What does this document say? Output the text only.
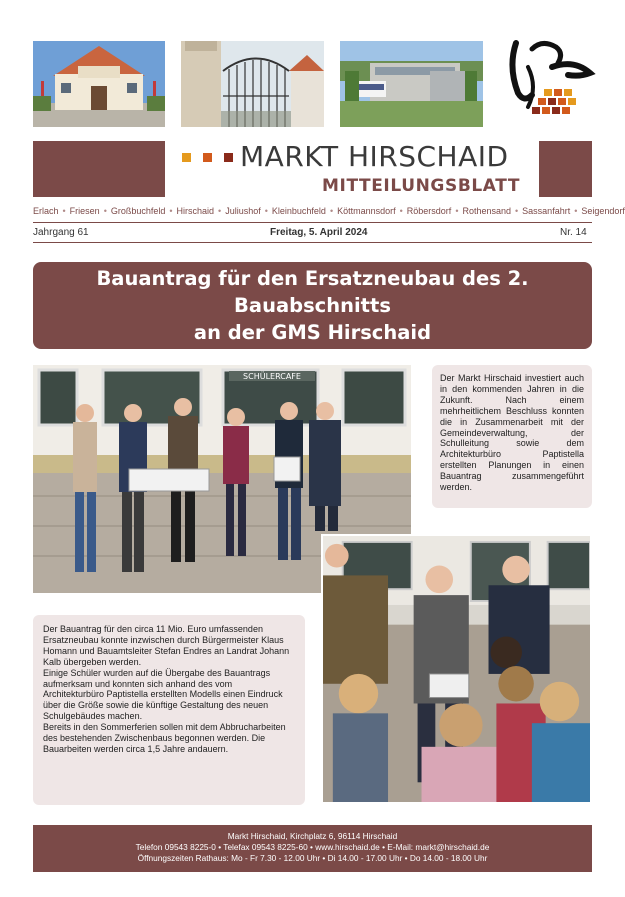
MARKT HIRSCHAID
MITTEILUNGSBLATT
Erlach • Friesen • Großbuchfeld • Hirschaid • Juliushof • Kleinbuchfeld • Köttmannsdorf • Röbersdorf • Rothensand • Sassanfahrt • Seigendorf
Jahrgang 61	Freitag, 5. April 2024	Nr. 14
Bauantrag für den Ersatzneubau des 2. Bauabschnitts
an der GMS Hirschaid
SCHÜLERCAFE	Der Markt Hirschaid investiert auch in den kommenden Jahren in die Zukunft. Nach einem mehrheitlichem Beschluss konnten die in Zusammenarbeit mit der Gemeindeverwaltung, der Schulleitung sowie dem Architekturbüro Paptistella erstellten Planungen in einen Bauantrag zusammengeführt werden.
Der Bauantrag für den circa 11 Mio. Euro umfassenden Ersatzneubau konnte inzwischen durch Bürgermeister Klaus Homann und Bauamtsleiter Stefan Endres an Landrat Johann Kalb übergeben werden.
Einige Schüler wurden auf die Übergabe des Bauantrags aufmerksam und konnten sich anhand des vom Architekturbüro Paptistella erstellten Modells einen Eindruck über die Größe sowie die künftige Gestaltung des neuen Schulgebäudes machen.
Bereits in den Sommerferien sollen mit dem Abbrucharbeiten des bestehenden Zwischenbaus begonnen werden. Die Bauarbeiten werden circa 1,5 Jahre andauern.
Markt Hirschaid, Kirchplatz 6, 96114 Hirschaid
Telefon 09543 8225-0 • Telefax 09543 8225-60 • www.hirschaid.de • E-Mail: markt@hirschaid.de
Öffnungszeiten Rathaus: Mo - Fr 7.30 - 12.00 Uhr • Di 14.00 - 17.00 Uhr • Do 14.00 - 18.00 Uhr
